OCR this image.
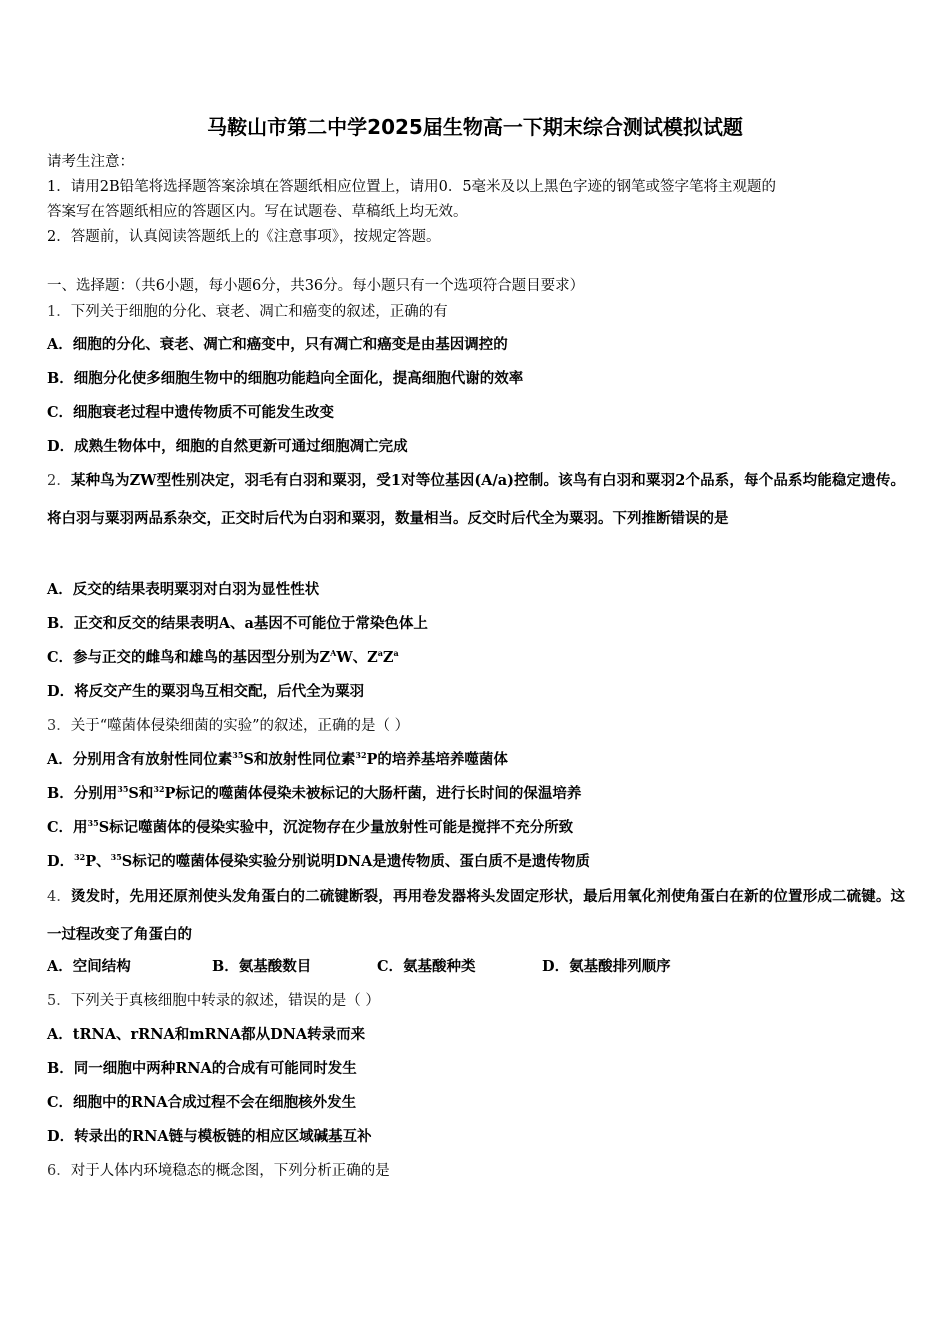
马鞍山市第二中学2025届生物高一下期末综合测试模拟试题
请考生注意：
1．请用2B铅笔将选择题答案涂填在答题纸相应位置上，请用0．5毫米及以上黑色字迹的钢笔或签字笔将主观题的
答案写在答题纸相应的答题区内。写在试题卷、草稿纸上均无效。
2．答题前，认真阅读答题纸上的《注意事项》，按规定答题。
一、选择题：（共6小题，每小题6分，共36分。每小题只有一个选项符合题目要求）
1．下列关于细胞的分化、衰老、凋亡和癌变的叙述，正确的有
A．细胞的分化、衰老、凋亡和癌变中，只有凋亡和癌变是由基因调控的
B．细胞分化使多细胞生物中的细胞功能趋向全面化，提高细胞代谢的效率
C．细胞衰老过程中遗传物质不可能发生改变
D．成熟生物体中，细胞的自然更新可通过细胞凋亡完成
2．某种鸟为ZW型性别决定，羽毛有白羽和粟羽，受1对等位基因(A/a)控制。该鸟有白羽和粟羽2个品系，每个品系均能稳定遗传。将白羽与粟羽两品系杂交，正交时后代为白羽和粟羽，数量相当。反交时后代全为粟羽。下列推断错误的是
A．反交的结果表明粟羽对白羽为显性性状
B．正交和反交的结果表明A、a基因不可能位于常染色体上
C．参与正交的雌鸟和雄鸟的基因型分别为$Z^AW$、$Z^aZ^a$
D．将反交产生的粟羽鸟互相交配，后代全为粟羽
3．关于“噬菌体侵染细菌的实验”的叙述，正确的是（ ）
A．分别用含有放射性同位素$^{35}$S和放射性同位素$^{32}$P的培养基培养噬菌体
B．分别用$^{35}$S和$^{32}$P标记的噬菌体侵染未被标记的大肠杆菌，进行长时间的保温培养
C．用$^{35}$S标记噬菌体的侵染实验中，沉淀物存在少量放射性可能是搅拌不充分所致
D．$^{32}$P、$^{35}$S标记的噬菌体侵染实验分别说明DNA是遗传物质、蛋白质不是遗传物质
4．烫发时，先用还原剂使头发角蛋白的二硫键断裂，再用卷发器将头发固定形状，最后用氧化剂使角蛋白在新的位置形成二硫键。这一过程改变了角蛋白的
A．空间结构	B．氨基酸数目	C．氨基酸种类	D．氨基酸排列顺序
5．下列关于真核细胞中转录的叙述，错误的是（ ）
A．tRNA、rRNA和mRNA都从DNA转录而来
B．同一细胞中两种RNA的合成有可能同时发生
C．细胞中的RNA合成过程不会在细胞核外发生
D．转录出的RNA链与模板链的相应区域碱基互补
6．对于人体内环境稳态的概念图，下列分析正确的是
